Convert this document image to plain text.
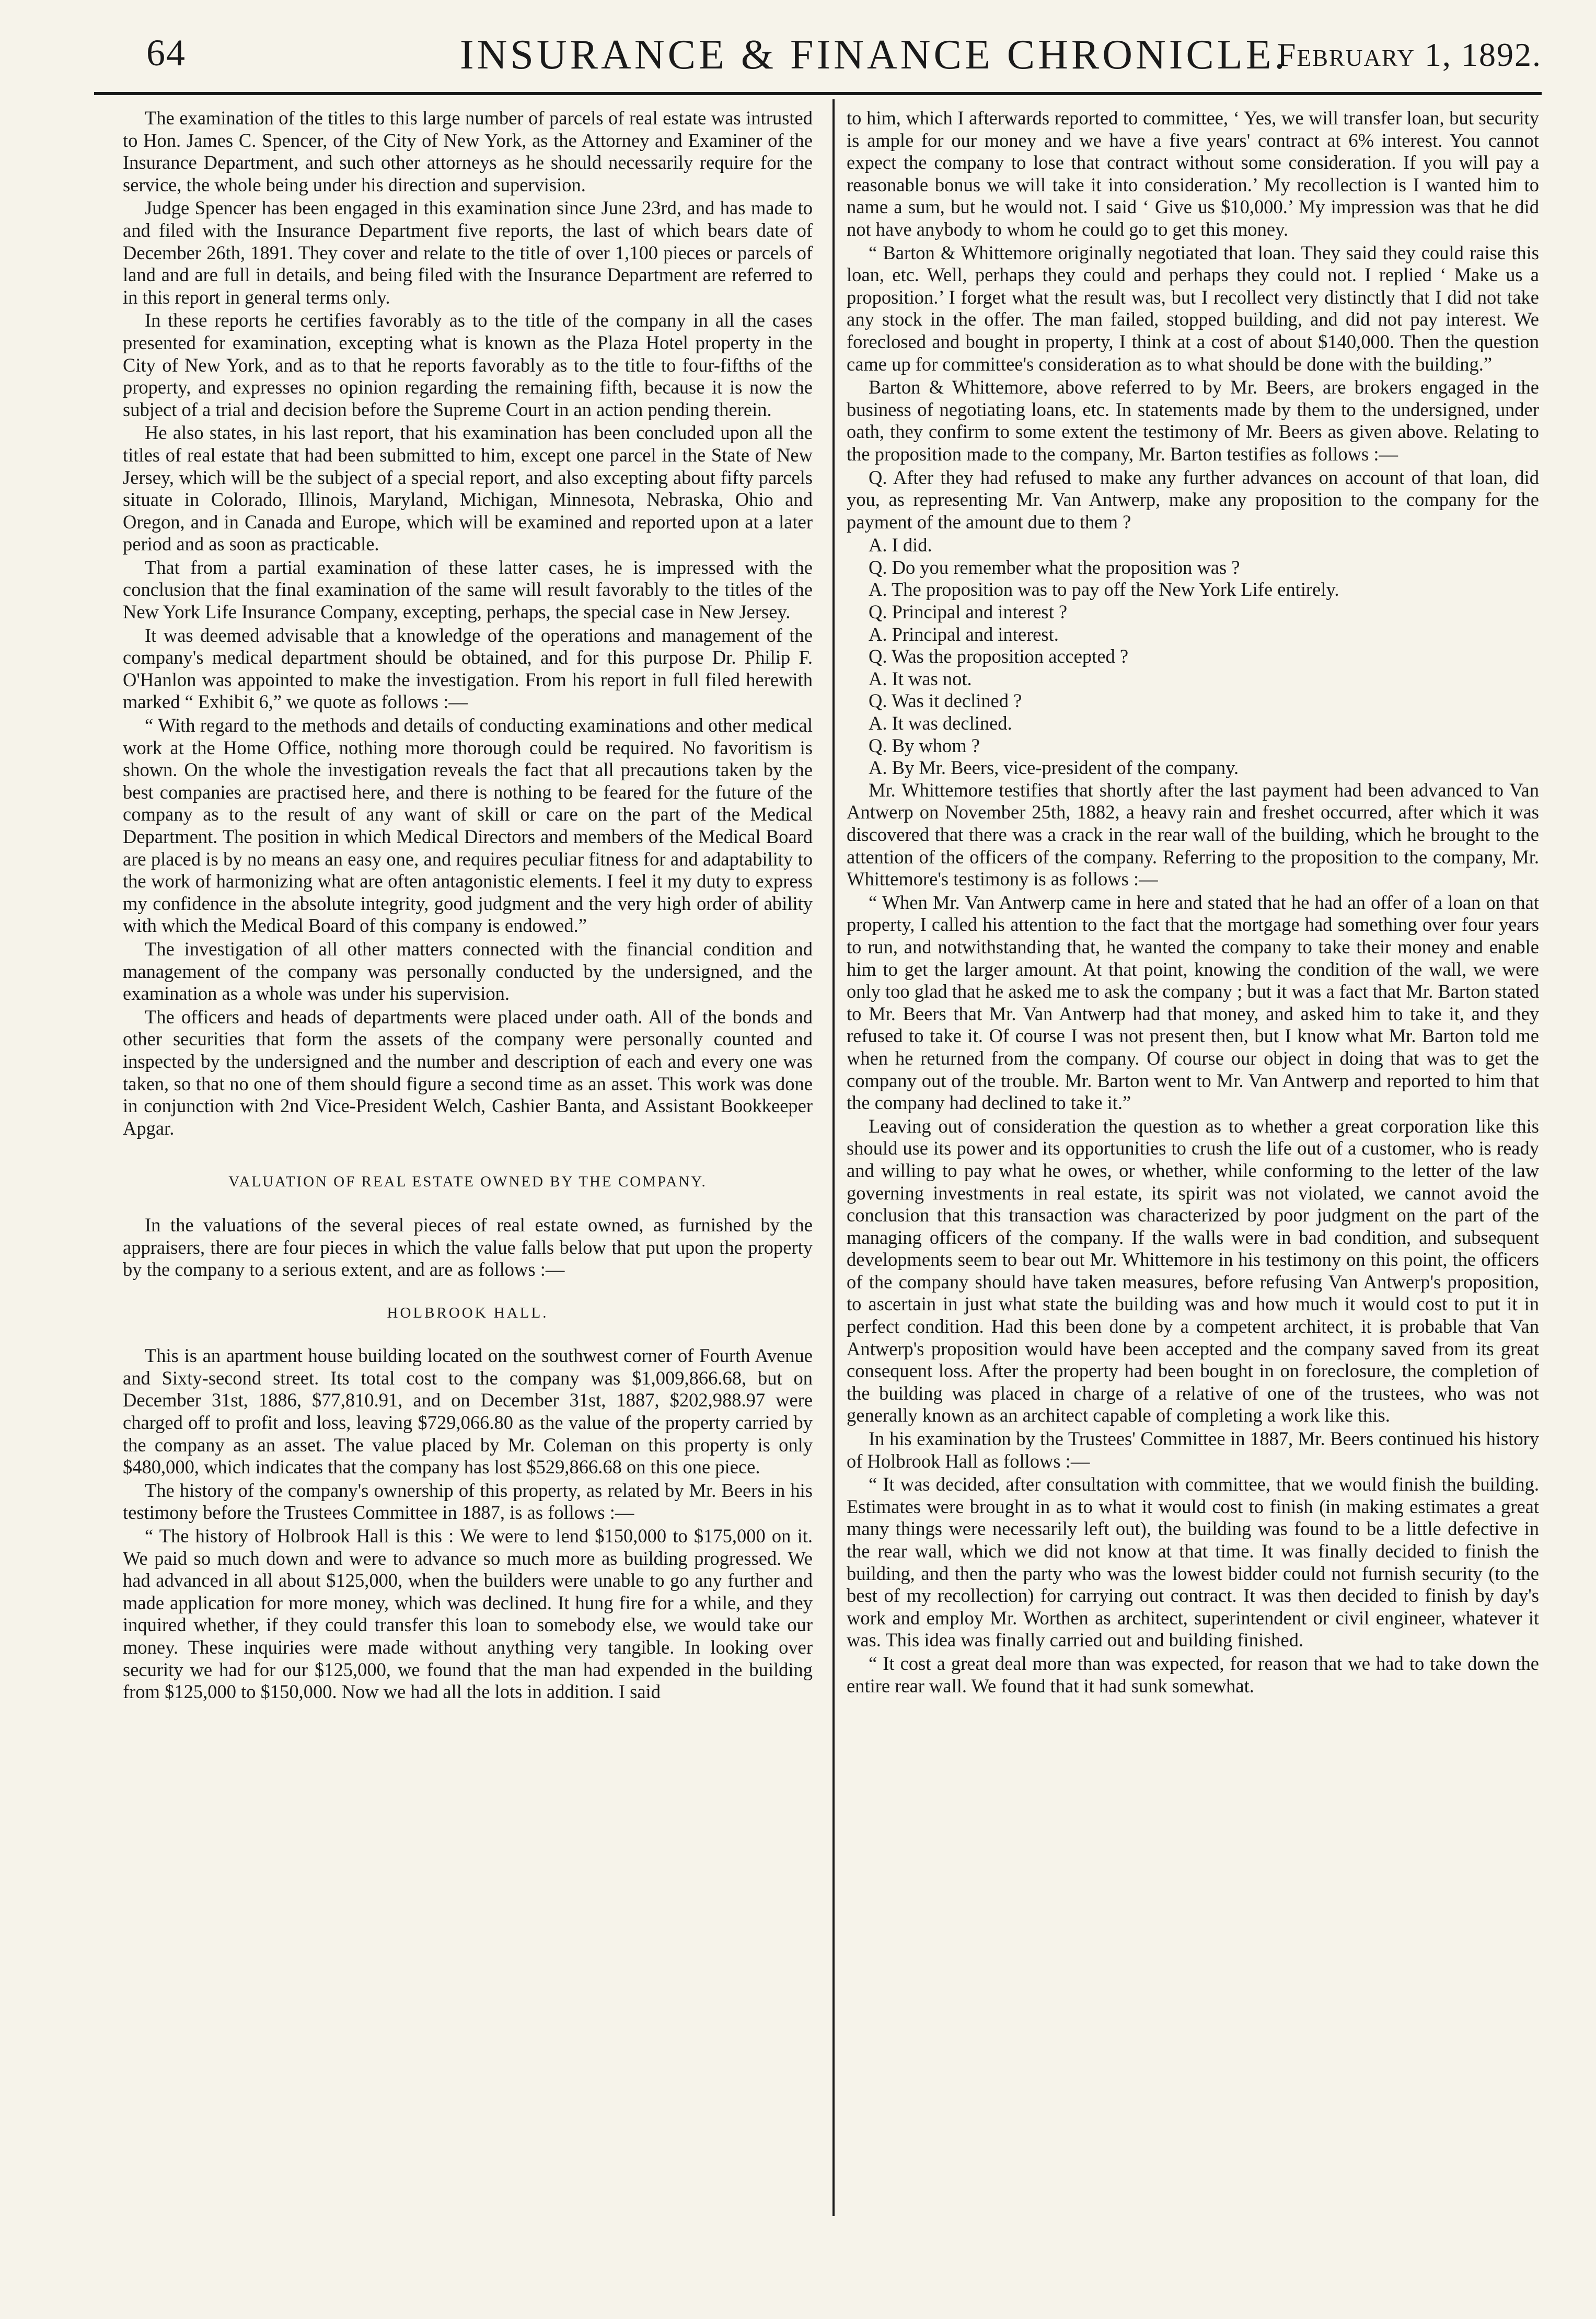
64	INSURANCE & FINANCE CHRONICLE.
February 1, 1892.

The examination of the titles to this large number of parcels of real estate was intrusted to Hon. James C. Spencer, of the City of New York, as the Attorney and Examiner of the Insurance Department, and such other attorneys as he should necessarily require for the service, the whole being under his direction and supervision.

Judge Spencer has been engaged in this examination since June 23rd, and has made to and filed with the Insurance Department five reports, the last of which bears date of December 26th, 1891. They cover and relate to the title of over 1,100 pieces or parcels of land and are full in details, and being filed with the Insurance Department are referred to in this report in general terms only.

In these reports he certifies favorably as to the title of the company in all the cases presented for examination, excepting what is known as the Plaza Hotel property in the City of New York, and as to that he reports favorably as to the title to four-fifths of the property, and expresses no opinion regarding the remaining fifth, because it is now the subject of a trial and decision before the Supreme Court in an action pending therein.

He also states, in his last report, that his examination has been concluded upon all the titles of real estate that had been submitted to him, except one parcel in the State of New Jersey, which will be the subject of a special report, and also excepting about fifty parcels situate in Colorado, Illinois, Maryland, Michigan, Minnesota, Nebraska, Ohio and Oregon, and in Canada and Europe, which will be examined and reported upon at a later period and as soon as practicable.

That from a partial examination of these latter cases, he is impressed with the conclusion that the final examination of the same will result favorably to the titles of the New York Life Insurance Company, excepting, perhaps, the special case in New Jersey.

It was deemed advisable that a knowledge of the operations and management of the company's medical department should be obtained, and for this purpose Dr. Philip F. O'Hanlon was appointed to make the investigation. From his report in full filed herewith marked “ Exhibit 6,” we quote as follows :—

“ With regard to the methods and details of conducting examinations and other medical work at the Home Office, nothing more thorough could be required. No favoritism is shown. On the whole the investigation reveals the fact that all precautions taken by the best companies are practised here, and there is nothing to be feared for the future of the company as to the result of any want of skill or care on the part of the Medical Department. The position in which Medical Directors and members of the Medical Board are placed is by no means an easy one, and requires peculiar fitness for and adaptability to the work of harmonizing what are often antagonistic elements. I feel it my duty to express my confidence in the absolute integrity, good judgment and the very high order of ability with which the Medical Board of this company is endowed.”

The investigation of all other matters connected with the financial condition and management of the company was personally conducted by the undersigned, and the examination as a whole was under his supervision.

The officers and heads of departments were placed under oath. All of the bonds and other securities that form the assets of the company were personally counted and inspected by the undersigned and the number and description of each and every one was taken, so that no one of them should figure a second time as an asset. This work was done in conjunction with 2nd Vice-President Welch, Cashier Banta, and Assistant Bookkeeper Apgar.

VALUATION OF REAL ESTATE OWNED BY THE COMPANY.

In the valuations of the several pieces of real estate owned, as furnished by the appraisers, there are four pieces in which the value falls below that put upon the property by the company to a serious extent, and are as follows :—

HOLBROOK HALL.

This is an apartment house building located on the southwest corner of Fourth Avenue and Sixty-second street. Its total cost to the company was $1,009,866.68, but on December 31st, 1886, $77,810.91, and on December 31st, 1887, $202,988.97 were charged off to profit and loss, leaving $729,066.80 as the value of the property carried by the company as an asset. The value placed by Mr. Coleman on this property is only $480,000, which indicates that the company has lost $529,866.68 on this one piece.

The history of the company's ownership of this property, as related by Mr. Beers in his testimony before the Trustees Committee in 1887, is as follows :—

“ The history of Holbrook Hall is this : We were to lend $150,000 to $175,000 on it. We paid so much down and were to advance so much more as building progressed. We had advanced in all about $125,000, when the builders were unable to go any further and made application for more money, which was declined. It hung fire for a while, and they inquired whether, if they could transfer this loan to somebody else, we would take our money. These inquiries were made without anything very tangible. In looking over security we had for our $125,000, we found that the man had expended in the building from $125,000 to $150,000. Now we had all the lots in addition. I said

to him, which I afterwards reported to committee, ‘ Yes, we will transfer loan, but security is ample for our money and we have a five years' contract at 6% interest. You cannot expect the company to lose that contract without some consideration. If you will pay a reasonable bonus we will take it into consideration.’ My recollection is I wanted him to name a sum, but he would not. I said ‘ Give us $10,000.’ My impression was that he did not have anybody to whom he could go to get this money.

“ Barton & Whittemore originally negotiated that loan. They said they could raise this loan, etc. Well, perhaps they could and perhaps they could not. I replied ‘ Make us a proposition.’ I forget what the result was, but I recollect very distinctly that I did not take any stock in the offer. The man failed, stopped building, and did not pay interest. We foreclosed and bought in property, I think at a cost of about $140,000. Then the question came up for committee's consideration as to what should be done with the building.”

Barton & Whittemore, above referred to by Mr. Beers, are brokers engaged in the business of negotiating loans, etc. In statements made by them to the undersigned, under oath, they confirm to some extent the testimony of Mr. Beers as given above. Relating to the proposition made to the company, Mr. Barton testifies as follows :—

Q. After they had refused to make any further advances on account of that loan, did you, as representing Mr. Van Antwerp, make any proposition to the company for the payment of the amount due to them ?

A. I did.

Q. Do you remember what the proposition was ?

A. The proposition was to pay off the New York Life entirely.

Q. Principal and interest ?

A. Principal and interest.

Q. Was the proposition accepted ?

A. It was not.

Q. Was it declined ?

A. It was declined.

Q. By whom ?

A. By Mr. Beers, vice-president of the company.

Mr. Whittemore testifies that shortly after the last payment had been advanced to Van Antwerp on November 25th, 1882, a heavy rain and freshet occurred, after which it was discovered that there was a crack in the rear wall of the building, which he brought to the attention of the officers of the company. Referring to the proposition to the company, Mr. Whittemore's testimony is as follows :—

“ When Mr. Van Antwerp came in here and stated that he had an offer of a loan on that property, I called his attention to the fact that the mortgage had something over four years to run, and notwithstanding that, he wanted the company to take their money and enable him to get the larger amount. At that point, knowing the condition of the wall, we were only too glad that he asked me to ask the company ; but it was a fact that Mr. Barton stated to Mr. Beers that Mr. Van Antwerp had that money, and asked him to take it, and they refused to take it. Of course I was not present then, but I know what Mr. Barton told me when he returned from the company. Of course our object in doing that was to get the company out of the trouble. Mr. Barton went to Mr. Van Antwerp and reported to him that the company had declined to take it.”

Leaving out of consideration the question as to whether a great corporation like this should use its power and its opportunities to crush the life out of a customer, who is ready and willing to pay what he owes, or whether, while conforming to the letter of the law governing investments in real estate, its spirit was not violated, we cannot avoid the conclusion that this transaction was characterized by poor judgment on the part of the managing officers of the company. If the walls were in bad condition, and subsequent developments seem to bear out Mr. Whittemore in his testimony on this point, the officers of the company should have taken measures, before refusing Van Antwerp's proposition, to ascertain in just what state the building was and how much it would cost to put it in perfect condition. Had this been done by a competent architect, it is probable that Van Antwerp's proposition would have been accepted and the company saved from its great consequent loss. After the property had been bought in on foreclosure, the completion of the building was placed in charge of a relative of one of the trustees, who was not generally known as an architect capable of completing a work like this.

In his examination by the Trustees' Committee in 1887, Mr. Beers continued his history of Holbrook Hall as follows :—

“ It was decided, after consultation with committee, that we would finish the building. Estimates were brought in as to what it would cost to finish (in making estimates a great many things were necessarily left out), the building was found to be a little defective in the rear wall, which we did not know at that time. It was finally decided to finish the building, and then the party who was the lowest bidder could not furnish security (to the best of my recollection) for carrying out contract. It was then decided to finish by day's work and employ Mr. Worthen as architect, superintendent or civil engineer, whatever it was. This idea was finally carried out and building finished.

“ It cost a great deal more than was expected, for reason that we had to take down the entire rear wall. We found that it had sunk somewhat.
